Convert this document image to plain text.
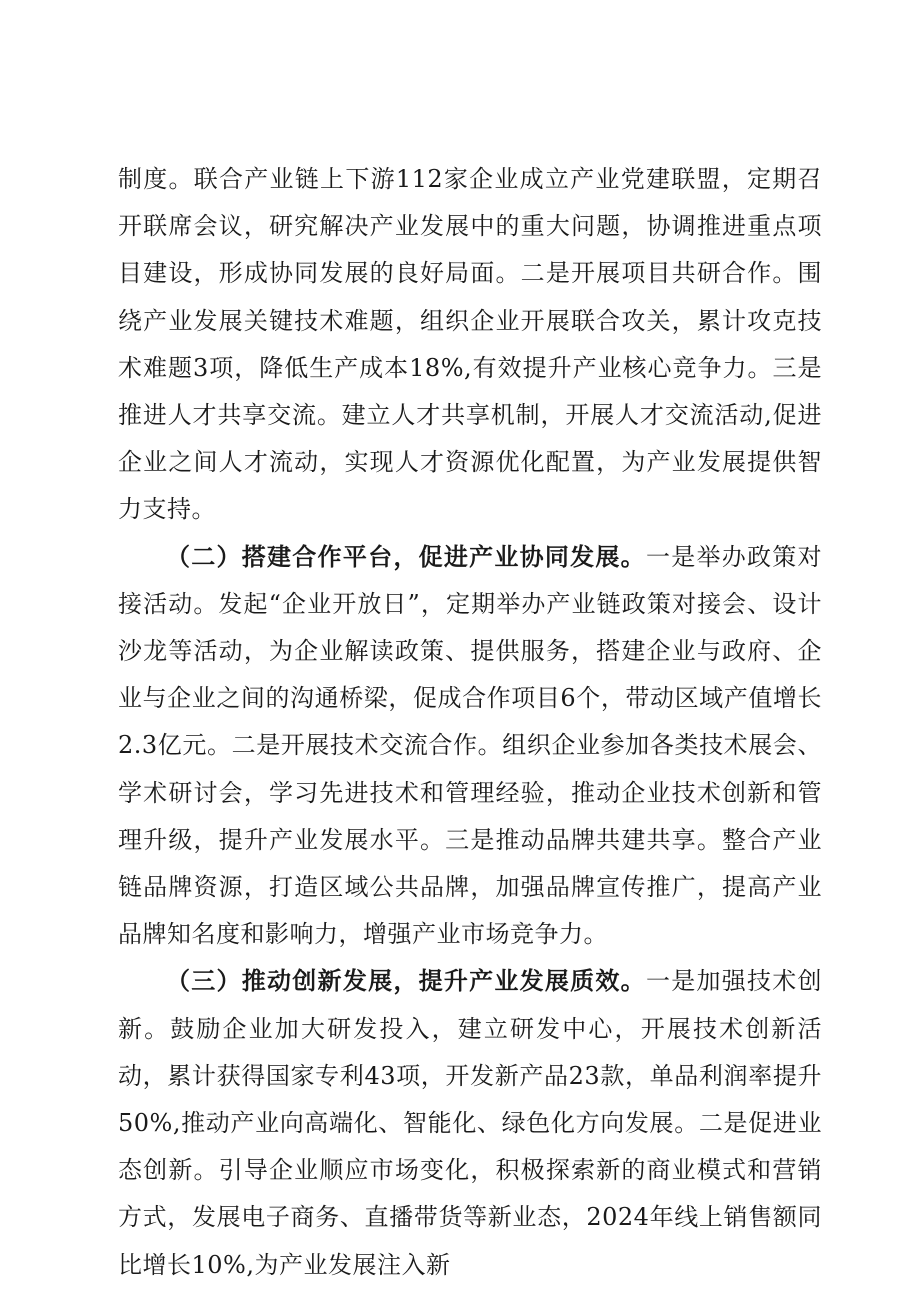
制度。联合产业链上下游112家企业成立产业党建联盟，定期召开联席会议，研究解决产业发展中的重大问题，协调推进重点项目建设，形成协同发展的良好局面。二是开展项目共研合作。围绕产业发展关键技术难题，组织企业开展联合攻关，累计攻克技术难题3项，降低生产成本18%,有效提升产业核心竞争力。三是推进人才共享交流。建立人才共享机制，开展人才交流活动,促进企业之间人才流动，实现人才资源优化配置，为产业发展提供智力支持。

（二）搭建合作平台，促进产业协同发展。一是举办政策对接活动。发起“企业开放日”，定期举办产业链政策对接会、设计沙龙等活动，为企业解读政策、提供服务，搭建企业与政府、企业与企业之间的沟通桥梁，促成合作项目6个，带动区域产值增长2.3亿元。二是开展技术交流合作。组织企业参加各类技术展会、学术研讨会，学习先进技术和管理经验，推动企业技术创新和管理升级，提升产业发展水平。三是推动品牌共建共享。整合产业链品牌资源，打造区域公共品牌，加强品牌宣传推广，提高产业品牌知名度和影响力，增强产业市场竞争力。

（三）推动创新发展，提升产业发展质效。一是加强技术创新。鼓励企业加大研发投入，建立研发中心，开展技术创新活动，累计获得国家专利43项，开发新产品23款，单品利润率提升50%,推动产业向高端化、智能化、绿色化方向发展。二是促进业态创新。引导企业顺应市场变化，积极探索新的商业模式和营销方式，发展电子商务、直播带货等新业态，2024年线上销售额同比增长10%,为产业发展注入新
